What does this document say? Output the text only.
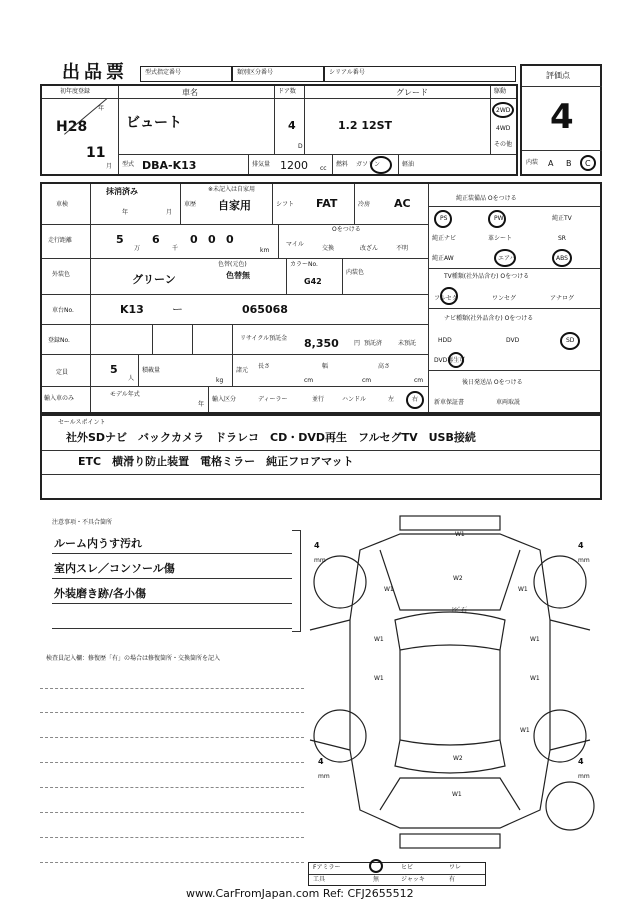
出品票	型式指定番号	類別区分番号	シリアル番号	評価点
4
内装 A B C
初年度登録
H28
年
11
月
車名
ビュート
ドア数
4
D
グレード
1.2 12ST
駆動
2WD
4WD
その他
型式 DBA-K13	排気量 1200 cc
燃料 ガソリン	軽油
車検
抹消済み
年	月
車歴
※未記入は自家用
自家用	シフト FAT	冷房 AC
走行距離	5
万
6
千
0 0 0
km
Oをつける
マイル
交換	改ざん	不明
外装色	グリーン
色替(元色)
色替無
カラーNo.
G42
内装色
車台No.	K13	ー	065068
登録No.	リサイクル預託金 8,350	円 預託済	未預託
定員	5
人
積載量
kg
諸元
長さ
cm
幅
cm
高さ
cm
輸入車のみ
モデル年式
年
輸入区分	ディーラー	並行	ハンドル	左	右
純正装備品 Oをつける
PS	PW	純正TV
純正ナビ	革シート	SR
純正AW	エアバ	ABS
TV種類(社外品含む) Oをつける
フルセグ	ワンセグ	アナログ
ナビ種類(社外品含む) Oをつける
HDD	DVD	SD
DVD再生可
後日発送品 Oをつける
新車保証書	車両取説
セールスポイント
社外SDナビ　バックカメラ　ドラレコ　CD・DVD再生　フルセグTV　USB接続
ETC　横滑り防止装置　電格ミラー　純正フロアマット
注意事項・不具合箇所
ルーム内うす汚れ
室内スレ／コンソール傷
外装磨き跡/各小傷
検査員記入欄：修復歴「有」の場合は修復箇所・交換箇所を記入
W1
W2
ﾋﾋﾞ石
W1	W1
W1	W1
W1	W1
W1
W2
W1
4
mm
4
mm
4
mm
4
mm
Fアミラー	ヒビ	ワレ
工具	無	ジャッキ	有
www.CarFromJapan.com Ref: CFJ2655512
